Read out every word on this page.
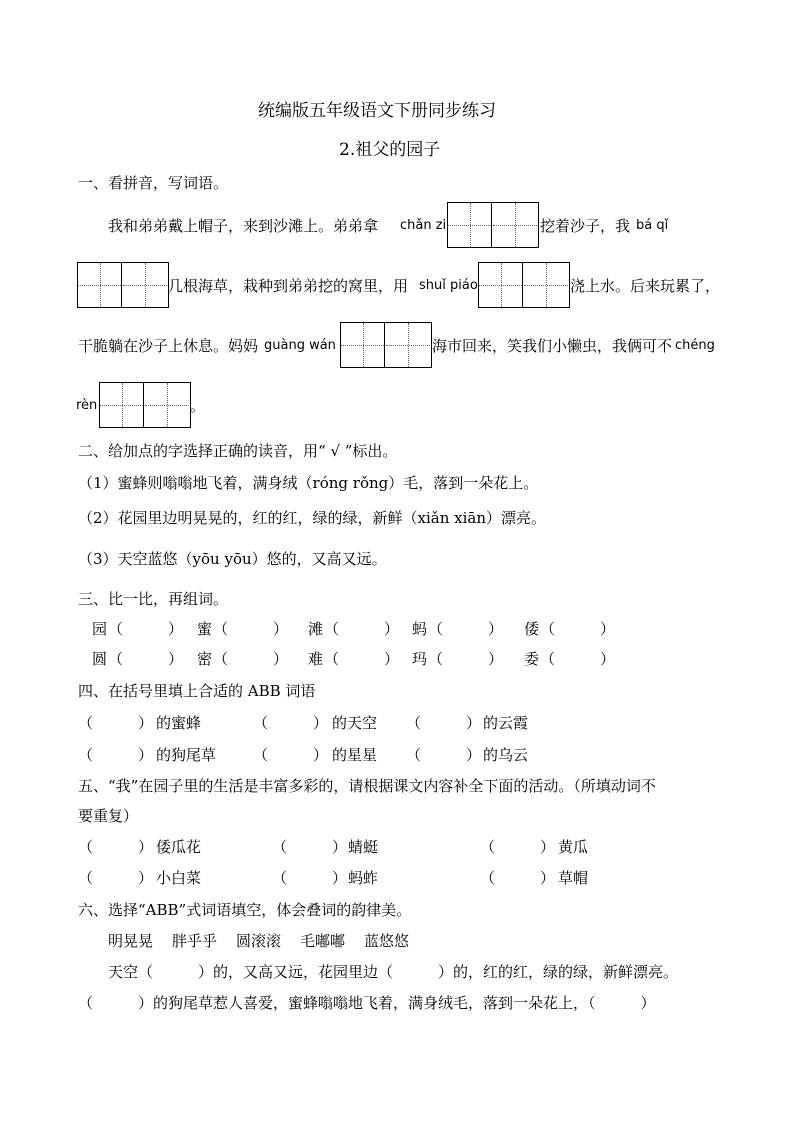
统编版五年级语文下册同步练习
2.祖父的园子
一、看拼音，写词语。
我和弟弟戴上帽子，来到沙滩上。弟弟拿 chǎn zi	挖着沙子，我 bá qǐ
几根海草，栽种到弟弟挖的窝里，用 shuǐ piáo	浇上水。后来玩累了，
干脆躺在沙子上休息。妈妈 guàng wán	海市回来，笑我们小懒虫，我俩可不 chéng
rèn	。
二、给加点的字选择正确的读音，用“ √ ”标出。
（1）蜜蜂则嗡嗡地飞着，满身绒（róng rǒng）毛，落到一朵花上。
（2）花园里边明晃晃的，红的红，绿的绿，新鲜（xiǎn xiān）漂亮。
（3）天空蓝悠（yōu yōu）悠的，又高又远。
三、比一比，再组词。
园 （　　　） 蜜 （　　　） 滩 （　　　） 蚂 （　　　） 倭 （　　　）
圆 （　　　） 密 （　　　） 难 （　　　） 玛 （　　　） 委 （　　　）
四、在括号里填上合适的 ABB 词语
（　　　） 的蜜蜂	（　　　） 的天空 （　　　） 的云霞
（　　　） 的狗尾草 （　　　） 的星星 （　　　） 的乌云
五、“我”在园子里的生活是丰富多彩的，请根据课文内容补全下面的活动。（所填动词不
要重复）
（　　　） 倭瓜花	（　　　） 蜻蜓	（　　　） 黄瓜
（　　　） 小白菜	（　　　） 蚂蚱	（　　　） 草帽
六、选择“ABB”式词语填空，体会叠词的韵律美。
明晃晃 胖乎乎 圆滚滚 毛嘟嘟 蓝悠悠
天空（　　　）的，又高又远，花园里边（　　　）的，红的红，绿的绿，新鲜漂亮。
（　　　）的狗尾草惹人喜爱，蜜蜂嗡嗡地飞着，满身绒毛，落到一朵花上，（　　　）
